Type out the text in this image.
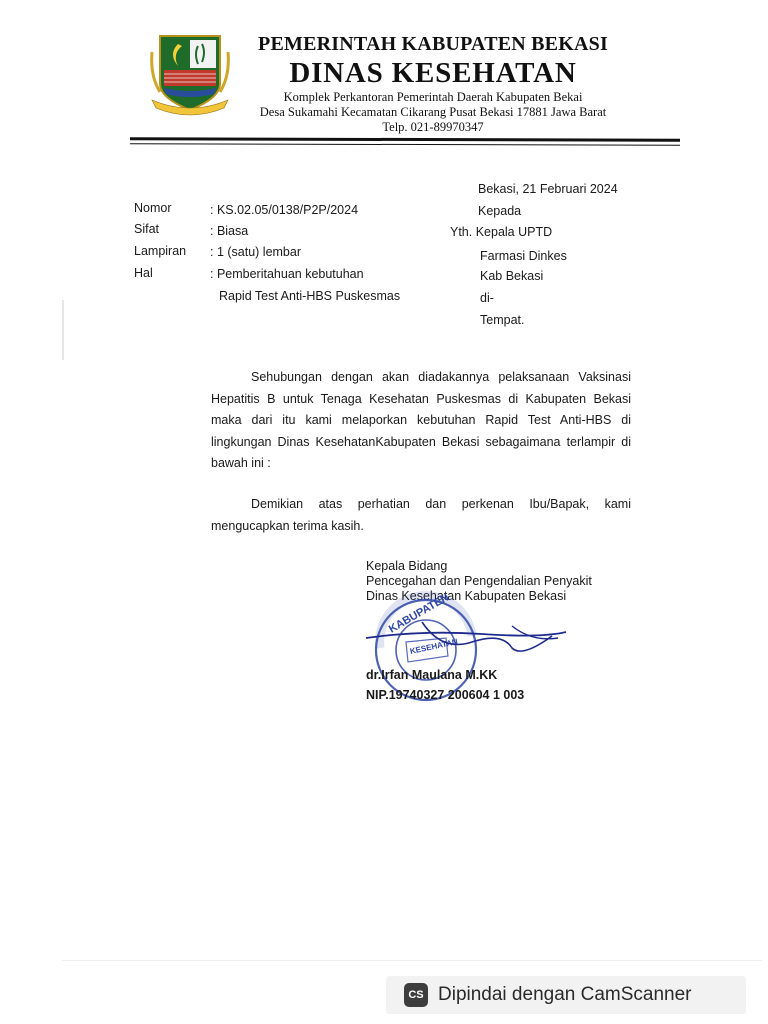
PEMERINTAH KABUPATEN BEKASI
DINAS KESEHATAN
Komplek Perkantoran Pemerintah Daerah Kabupaten Bekai
Desa Sukamahi Kecamatan Cikarang Pusat Bekasi 17881 Jawa Barat
Telp. 021-89970347
Bekasi, 21 Februari 2024
Kepada
Yth. Kepala UPTD
Farmasi Dinkes
Kab Bekasi
di-
Tempat.
Nomor	: KS.02.05/0138/P2P/2024
Sifat	: Biasa
Lampiran : 1 (satu) lembar
Hal	: Pemberitahuan kebutuhan
Rapid Test Anti-HBS Puskesmas
Sehubungan dengan akan diadakannya pelaksanaan Vaksinasi Hepatitis B untuk Tenaga Kesehatan Puskesmas di Kabupaten Bekasi maka dari itu kami melaporkan kebutuhan Rapid Test Anti-HBS di lingkungan Dinas KesehatanKabupaten Bekasi sebagaimana terlampir di bawah ini :
Demikian atas perhatian dan perkenan Ibu/Bapak, kami mengucapkan terima kasih.
Kepala Bidang
Pencegahan dan Pengendalian Penyakit
Dinas Kesehatan Kabupaten Bekasi
KABUPATEN
KESEHATAN
dr.Irfan Maulana M.KK
NIP.19740327 200604 1 003
CS Dipindai dengan CamScanner
